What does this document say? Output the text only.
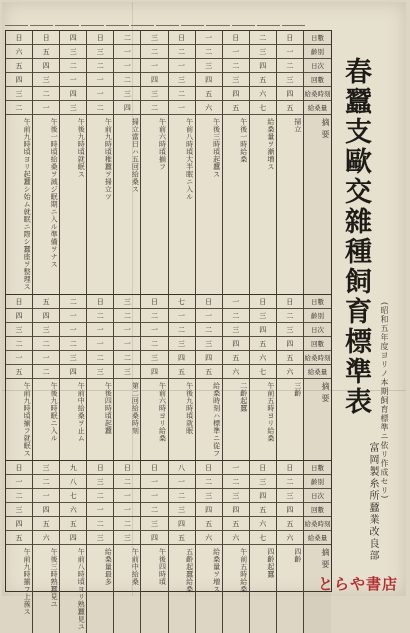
日
六
五
四
三
二
午前九時頃ヨリ起蠶シ始ム就眠ニ際シ蠶座ヲ整理ス
日
五
四
三
二
一
午後一時頃給桑ヲ減ジ眠期ニ入ル準備ヲナス
四
三
二
一
四
三
午後九時頃就眠ス
日
三
二
一
一
二
午前九時頃稚蠶ヲ掃立ツ
二
一
一
二
三
四
掃立當日ハ五回給桑ス
三
二
一
四
三
二
午前六時頃揃フ
日
二
一
三
二
一
午前八時頃大半眠ニ入ル
一
二
三
四
五
六
午後三時頃起蠶ス
日
一
二
三
四
五
午後一時給桑
二
三
四
五
六
七
給桑量ヲ漸増ス
日
一
二
三
四
五
掃立
日數
齡別
日次
回數
給桑時刻
給桑量
摘要
日
四
三
二
一
五
午前九時頃揃フ就眠ス
五
四
三
二
一
二
午後九時眠ニ入ル
二
一
一
二
三
四
午前中給桑ヲ止ム
日
二
一
一
二
三
午後四時頃起蠶
三
二
一
一
二
三
第二回給桑時刻
日
二
一
二
三
四
午前六時ヨリ給桑
七
一
二
三
四
五
午後九時頃就眠
日
一
二
三
四
五
給桑時刻ハ標準ニ從フ
一
二
三
四
五
六
二齡起蠶
日
三
四
五
六
七
午前五時ヨリ給桑
日
二
三
四
五
六
三齡
日數
齡別
日次
回數
給桑時刻
給桑量
摘要
日
一
二
三
四
五
午前九時揃フ上蔟ス
三
二
一
四
五
六
午後三時熟蠶見ユ
九
八
七
六
五
四
午前八時頃ヨリ熟蠶見ユ
日
三
二
一
二
三
給桑量最多
日
二
一
一
二
三
午前中給桑
日
一
一
二
三
四
午後四時頃
八
一
二
三
四
五
五齡起蠶給桑
日
二
三
四
五
六
給桑量ヲ増ス
一
二
三
四
五
六
午前五時給桑
日
三
四
五
六
七
四齡起蠶
日
二
三
四
五
六
四齡
日數
齡別
日次
回數
給桑時刻
給桑量
摘要
春蠶支歐交雜種飼育標準表 (昭和五年度ヨリノ本期飼育標準ニ依リ作成セリ)
富岡製糸所蠶業改良部
とらや書店
